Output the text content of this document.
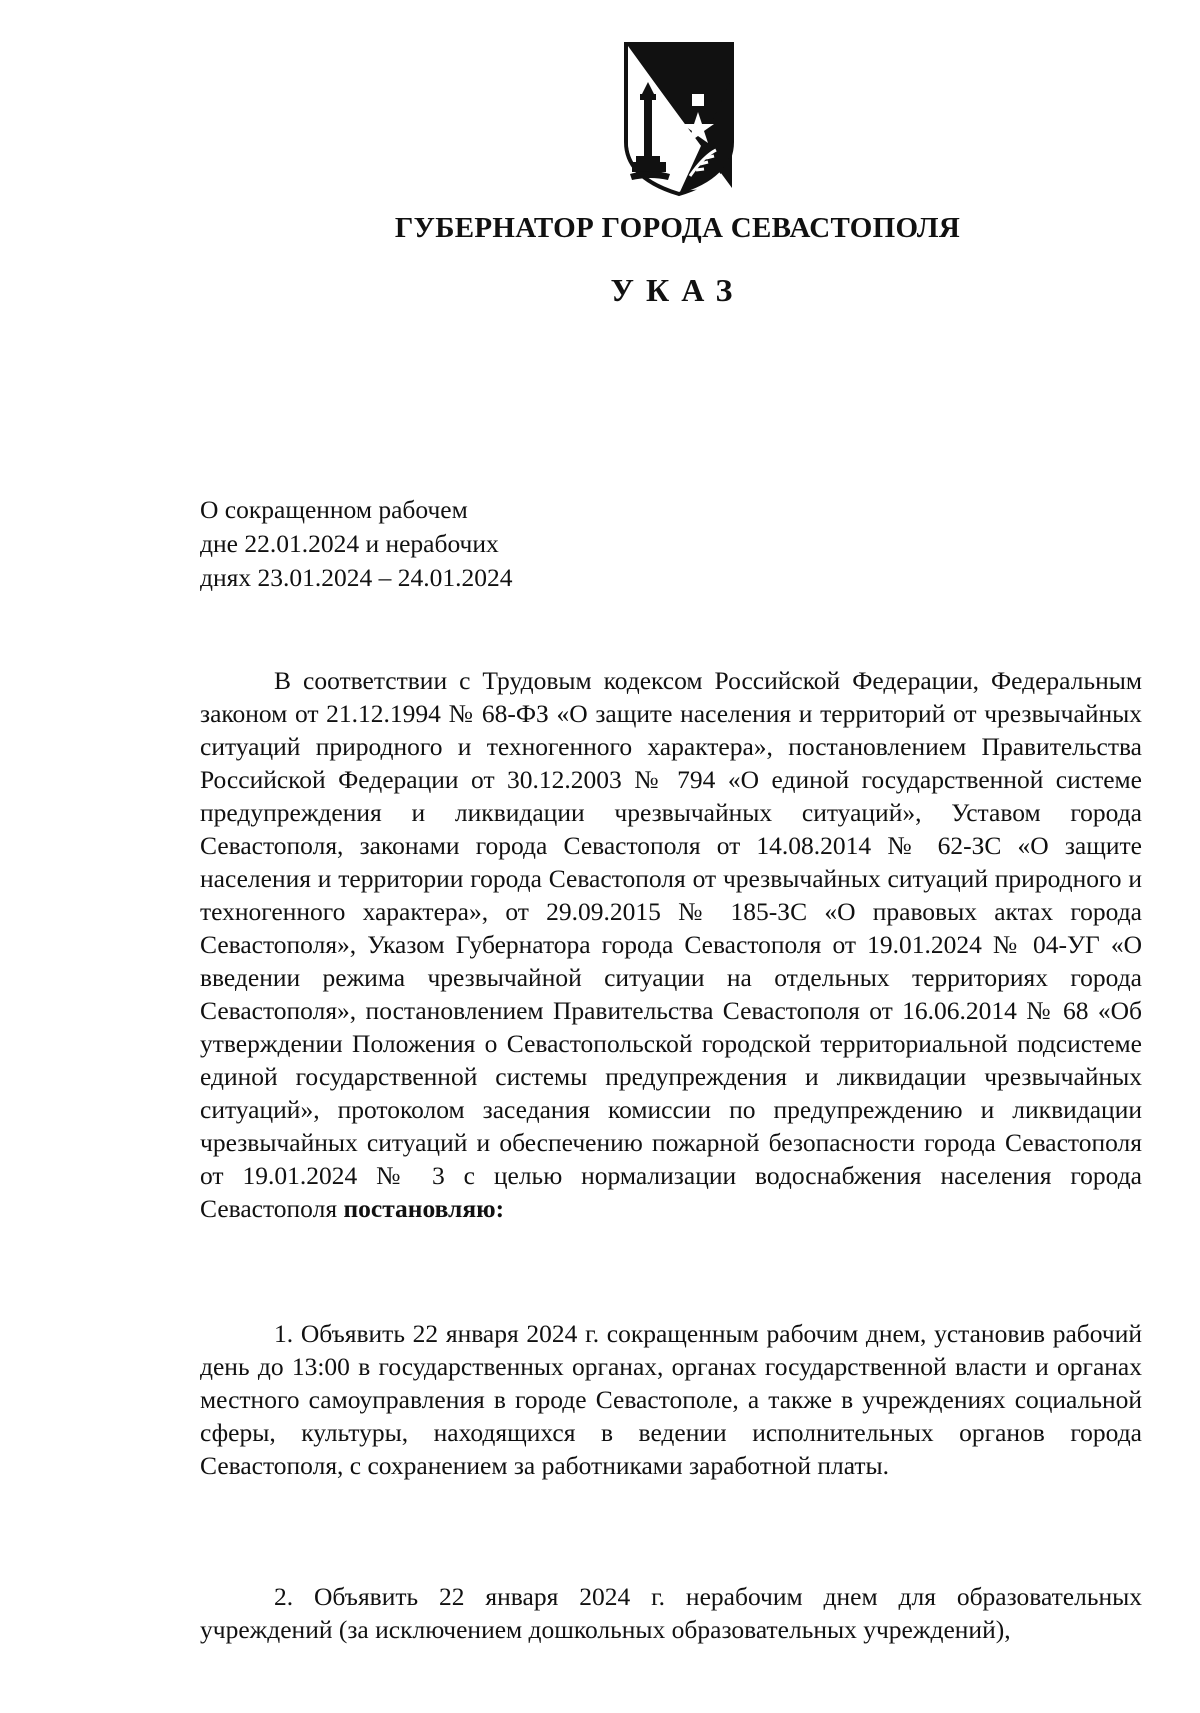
ГУБЕРНАТОР ГОРОДА СЕВАСТОПОЛЯ
УКАЗ
О сокращенном рабочем
дне 22.01.2024 и нерабочих
днях 23.01.2024 – 24.01.2024

В соответствии с Трудовым кодексом Российской Федерации, Федеральным законом от 21.12.1994 № 68-ФЗ «О защите населения и территорий от чрезвычайных ситуаций природного и техногенного характера», постановлением Правительства Российской Федерации от 30.12.2003 № 794 «О единой государственной системе предупреждения и ликвидации чрезвычайных ситуаций», Уставом города Севастополя, законами города Севастополя от 14.08.2014 № 62-ЗС «О защите населения и территории города Севастополя от чрезвычайных ситуаций природного и техногенного характера», от 29.09.2015 № 185-ЗС «О правовых актах города Севастополя», Указом Губернатора города Севастополя от 19.01.2024 № 04-УГ «О введении режима чрезвычайной ситуации на отдельных территориях города Севастополя», постановлением Правительства Севастополя от 16.06.2014 № 68 «Об утверждении Положения о Севастопольской городской территориальной подсистеме единой государственной системы предупреждения и ликвидации чрезвычайных ситуаций», протоколом заседания комиссии по предупреждению и ликвидации чрезвычайных ситуаций и обеспечению пожарной безопасности города Севастополя от 19.01.2024 № 3 с целью нормализации водоснабжения населения города Севастополя постановляю:

1. Объявить 22 января 2024 г. сокращенным рабочим днем, установив рабочий день до 13:00 в государственных органах, органах государственной власти и органах местного самоуправления в городе Севастополе, а также в учреждениях социальной сферы, культуры, находящихся в ведении исполнительных органов города Севастополя, с сохранением за работниками заработной платы.

2. Объявить 22 января 2024 г. нерабочим днем для образовательных учреждений (за исключением дошкольных образовательных учреждений),
